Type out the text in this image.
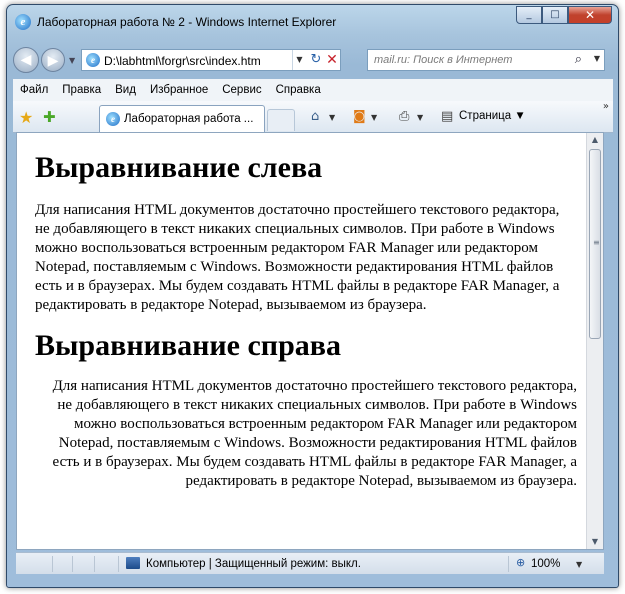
e Лабораторная работа № 2 - Windows Internet Explorer
_	□	✕
◀	▶	▼	e D:\labhtml\forgr\src\index.htm	▼ ↻ ✕	mail.ru: Поиск в Интернет	⌕ ▼
Файл Правка Вид Избранное Сервис Справка
★ ✚	e Лабораторная работа ...	⌂ ▼ ◙ ▼ ⎙ ▼ ▤ Страница ▼
»
Выравнивание слева

Для написания HTML документов достаточно простейшего текстового редактора, не добавляющего в текст никаких специальных символов. При работе в Windows можно воспользоваться встроенным редактором FAR Manager или редактором Notepad, поставляемым с Windows. Возможности редактирования HTML файлов есть и в браузерах. Мы будем создавать HTML файлы в редакторе FAR Manager, а редактировать в редакторе Notepad, вызываемом из браузера.

Выравнивание справа

Для написания HTML документов достаточно простейшего текстового редактора, не добавляющего в текст никаких специальных символов. При работе в Windows можно воспользоваться встроенным редактором FAR Manager или редактором Notepad, поставляемым с Windows. Возможности редактирования HTML файлов есть и в браузерах. Мы будем создавать HTML файлы в редакторе FAR Manager, а редактировать в редакторе Notepad, вызываемом из браузера.

▲
≡
▼
Компьютер | Защищенный режим: выкл.	⊕ 100% ▼
